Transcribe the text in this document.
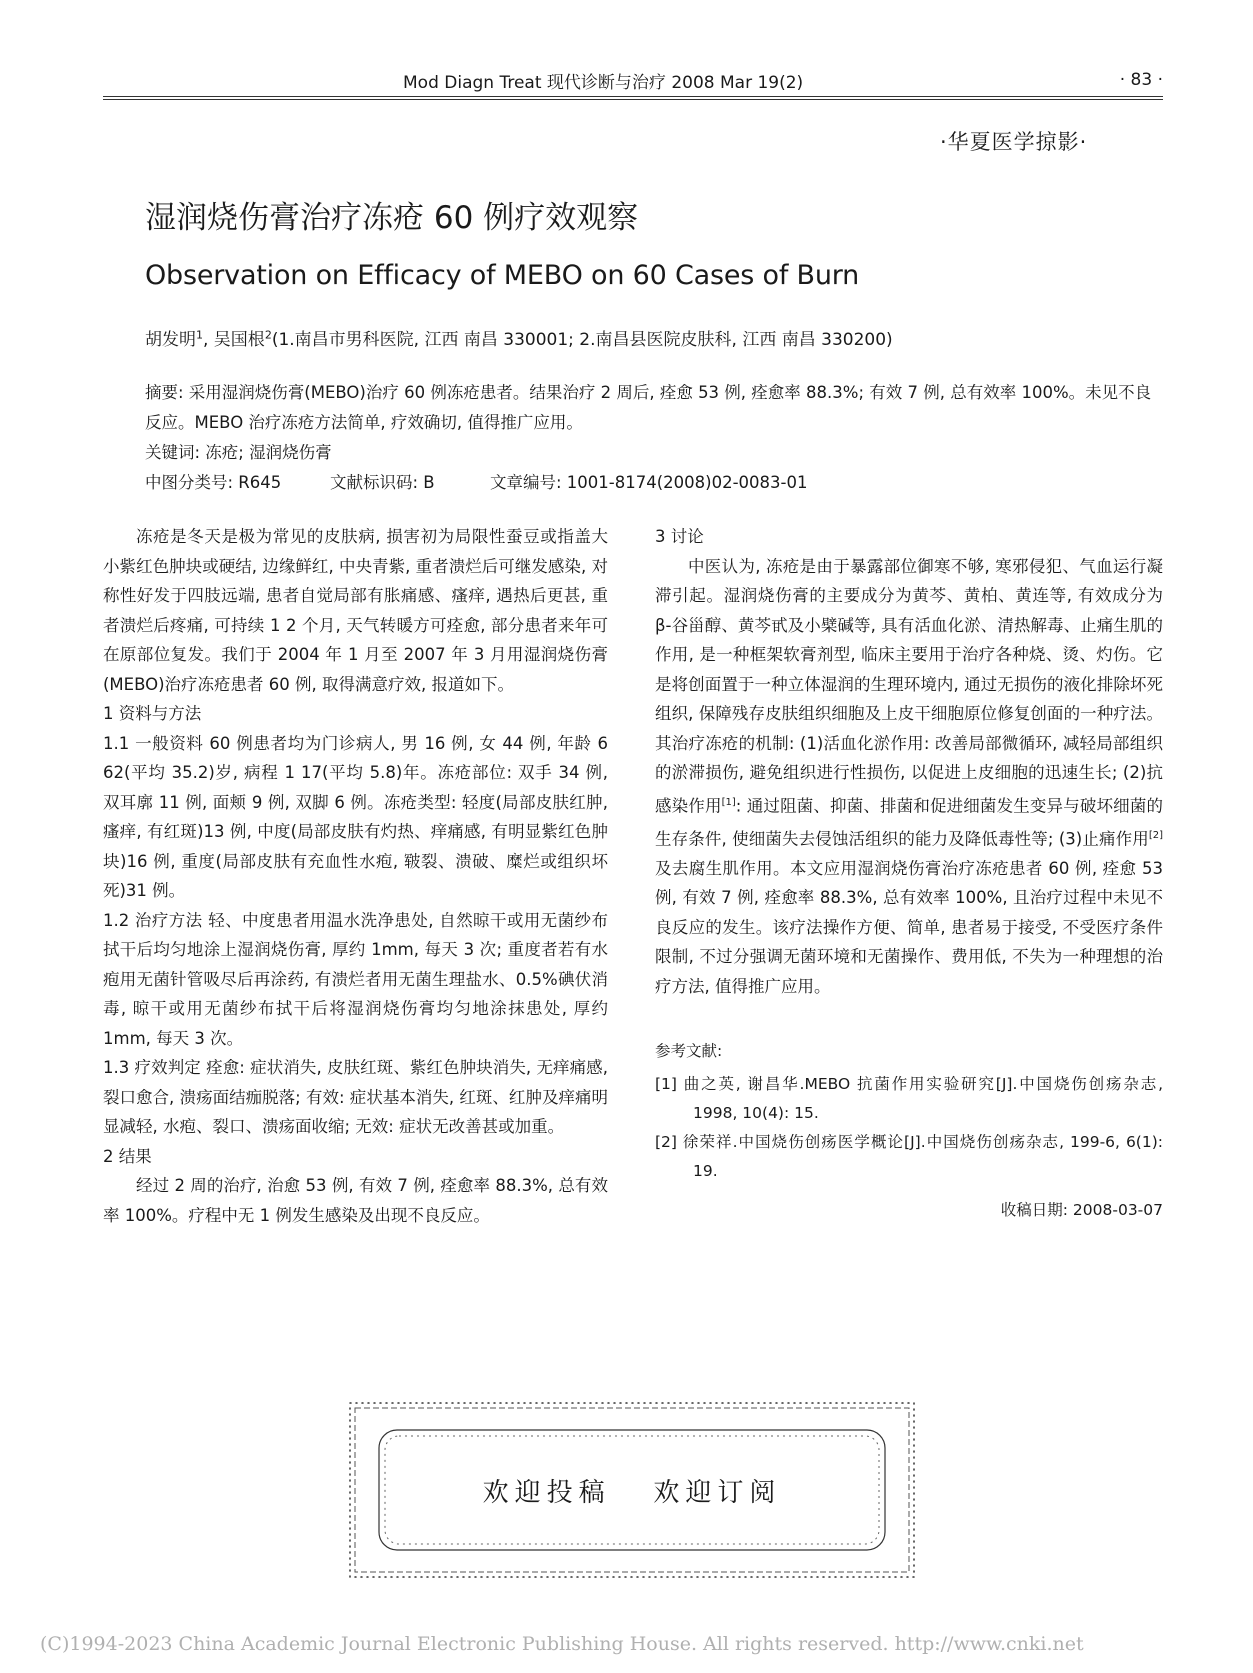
Mod Diagn Treat 现代诊断与治疗 2008 Mar 19(2)	· 83 ·
·华夏医学掠影·
湿润烧伤膏治疗冻疮 60 例疗效观察
Observation on Efficacy of MEBO on 60 Cases of Burn
胡发明$^1$, 吴国根$^2$(1.南昌市男科医院, 江西 南昌 330001; 2.南昌县医院皮肤科, 江西 南昌 330200)

摘要: 采用湿润烧伤膏(MEBO)治疗 60 例冻疮患者。结果治疗 2 周后, 痊愈 53 例, 痊愈率 88.3%; 有效 7 例, 总有效率 100%。未见不良反应。MEBO 治疗冻疮方法简单, 疗效确切, 值得推广应用。

关键词: 冻疮; 湿润烧伤膏

中图分类号: R645	文献标识码: B	文章编号: 1001-8174(2008)02-0083-01

冻疮是冬天是极为常见的皮肤病, 损害初为局限性蚕豆或指盖大小紫红色肿块或硬结, 边缘鲜红, 中央青紫, 重者溃烂后可继发感染, 对称性好发于四肢远端, 患者自觉局部有胀痛感、瘙痒, 遇热后更甚, 重者溃烂后疼痛, 可持续 1 2 个月, 天气转暖方可痊愈, 部分患者来年可在原部位复发。我们于 2004 年 1 月至 2007 年 3 月用湿润烧伤膏(MEBO)治疗冻疮患者 60 例, 取得满意疗效, 报道如下。

1 资料与方法

1.1 一般资料 60 例患者均为门诊病人, 男 16 例, 女 44 例, 年龄 6 62(平均 35.2)岁, 病程 1 17(平均 5.8)年。冻疮部位: 双手 34 例, 双耳廓 11 例, 面颊 9 例, 双脚 6 例。冻疮类型: 轻度(局部皮肤红肿, 瘙痒, 有红斑)13 例, 中度(局部皮肤有灼热、痒痛感, 有明显紫红色肿块)16 例, 重度(局部皮肤有充血性水疱, 皲裂、溃破、糜烂或组织坏死)31 例。

1.2 治疗方法 轻、中度患者用温水洗净患处, 自然晾干或用无菌纱布拭干后均匀地涂上湿润烧伤膏, 厚约 1mm, 每天 3 次; 重度者若有水疱用无菌针管吸尽后再涂药, 有溃烂者用无菌生理盐水、0.5%碘伏消毒, 晾干或用无菌纱布拭干后将湿润烧伤膏均匀地涂抹患处, 厚约 1mm, 每天 3 次。

1.3 疗效判定 痊愈: 症状消失, 皮肤红斑、紫红色肿块消失, 无痒痛感, 裂口愈合, 溃疡面结痂脱落; 有效: 症状基本消失, 红斑、红肿及痒痛明显减轻, 水疱、裂口、溃疡面收缩; 无效: 症状无改善甚或加重。

2 结果

经过 2 周的治疗, 治愈 53 例, 有效 7 例, 痊愈率 88.3%, 总有效率 100%。疗程中无 1 例发生感染及出现不良反应。

3 讨论

中医认为, 冻疮是由于暴露部位御寒不够, 寒邪侵犯、气血运行凝滞引起。湿润烧伤膏的主要成分为黄芩、黄柏、黄连等, 有效成分为 β-谷甾醇、黄芩甙及小檗碱等, 具有活血化淤、清热解毒、止痛生肌的作用, 是一种框架软膏剂型, 临床主要用于治疗各种烧、烫、灼伤。它是将创面置于一种立体湿润的生理环境内, 通过无损伤的液化排除坏死组织, 保障残存皮肤组织细胞及上皮干细胞原位修复创面的一种疗法。其治疗冻疮的机制: (1)活血化淤作用: 改善局部微循环, 减轻局部组织的淤滞损伤, 避免组织进行性损伤, 以促进上皮细胞的迅速生长; (2)抗感染作用[1]: 通过阻菌、抑菌、排菌和促进细菌发生变异与破坏细菌的生存条件, 使细菌失去侵蚀活组织的能力及降低毒性等; (3)止痛作用[2]及去腐生肌作用。本文应用湿润烧伤膏治疗冻疮患者 60 例, 痊愈 53 例, 有效 7 例, 痊愈率 88.3%, 总有效率 100%, 且治疗过程中未见不良反应的发生。该疗法操作方便、简单, 患者易于接受, 不受医疗条件限制, 不过分强调无菌环境和无菌操作、费用低, 不失为一种理想的治疗方法, 值得推广应用。

参考文献:

[1] 曲之英, 谢昌华.MEBO 抗菌作用实验研究[J].中国烧伤创疡杂志, 1998, 10(4): 15.

[2] 徐荣祥.中国烧伤创疡医学概论[J].中国烧伤创疡杂志, 199-6, 6(1): 19.

收稿日期: 2008-03-07
欢迎投稿   欢迎订阅
(C)1994-2023 China Academic Journal Electronic Publishing House. All rights reserved. http://www.cnki.net
